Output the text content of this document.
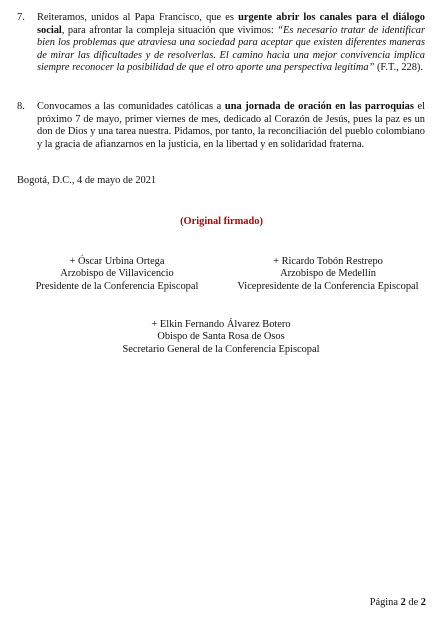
7. Reiteramos, unidos al Papa Francisco, que es urgente abrir los canales para el diálogo social, para afrontar la compleja situación que vivimos: “Es necesario tratar de identificar bien los problemas que atraviesa una sociedad para aceptar que existen diferentes maneras de mirar las dificultades y de resolverlas. El camino hacia una mejor convivencia implica siempre reconocer la posibilidad de que el otro aporte una perspectiva legítima” (F.T., 228).
8. Convocamos a las comunidades católicas a una jornada de oración en las parroquias el próximo 7 de mayo, primer viernes de mes, dedicado al Corazón de Jesús, pues la paz es un don de Dios y una tarea nuestra. Pidamos, por tanto, la reconciliación del pueblo colombiano y la gracia de afianzarnos en la justicia, en la libertad y en solidaridad fraterna.
Bogotá, D.C., 4 de mayo de 2021
(Original firmado)
+ Óscar Urbina Ortega
Arzobispo de Villavicencio
Presidente de la Conferencia Episcopal
+ Ricardo Tobón Restrepo
Arzobispo de Medellín
Vicepresidente de la Conferencia Episcopal
+ Elkin Fernando Álvarez Botero
Obispo de Santa Rosa de Osos
Secretario General de la Conferencia Episcopal
Página 2 de 2
